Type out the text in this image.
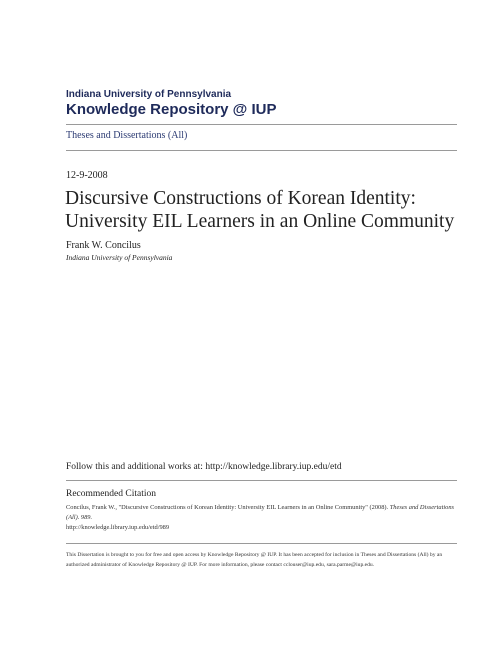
Indiana University of Pennsylvania
Knowledge Repository @ IUP
Theses and Dissertations (All)
12-9-2008
Discursive Constructions of Korean Identity: University EIL Learners in an Online Community
Frank W. Concilus
Indiana University of Pennsylvania
Follow this and additional works at: http://knowledge.library.iup.edu/etd
Recommended Citation
Concilus, Frank W., "Discursive Constructions of Korean Identity: University EIL Learners in an Online Community" (2008). Theses and Dissertations (All). 989.
http://knowledge.library.iup.edu/etd/989
This Dissertation is brought to you for free and open access by Knowledge Repository @ IUP. It has been accepted for inclusion in Theses and Dissertations (All) by an authorized administrator of Knowledge Repository @ IUP. For more information, please contact cclouser@iup.edu, sara.parme@iup.edu.
